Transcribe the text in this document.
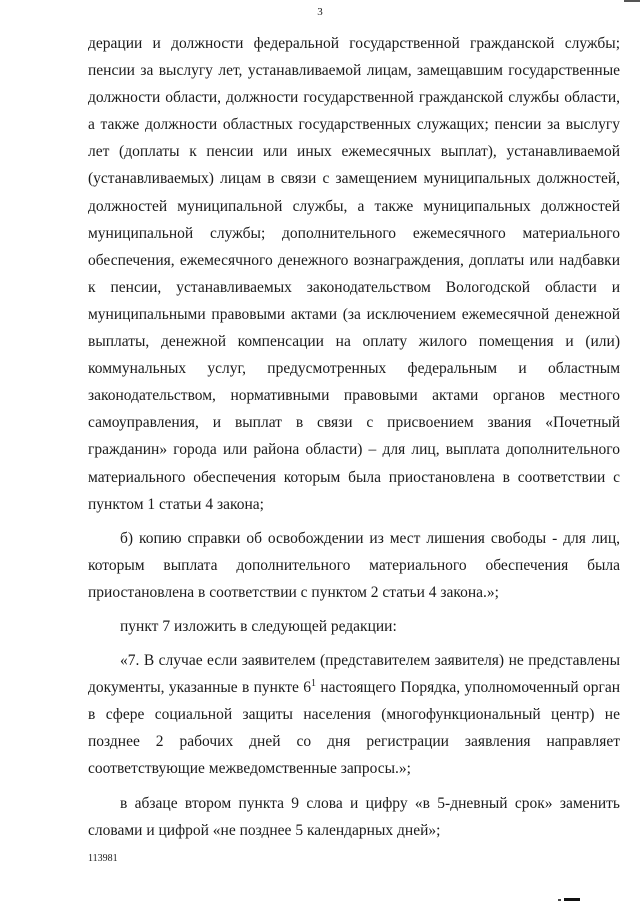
3

дерации и должности федеральной государственной гражданской службы; пенсии за выслугу лет, устанавливаемой лицам, замещавшим государственные должности области, должности государственной гражданской службы области, а также должности областных государственных служащих; пенсии за выслугу лет (доплаты к пенсии или иных ежемесячных выплат), устанавливаемой (устанавливаемых) лицам в связи с замещением муниципальных должностей, должностей муниципальной службы, а также муниципальных должностей муниципальной службы; дополнительного ежемесячного материального обеспечения, ежемесячного денежного вознаграждения, доплаты или надбавки к пенсии, устанавливаемых законодательством Вологодской области и муниципальными правовыми актами (за исключением ежемесячной денежной выплаты, денежной компенсации на оплату жилого помещения и (или) коммунальных услуг, предусмотренных федеральным и областным законодательством, нормативными правовыми актами органов местного самоуправления, и выплат в связи с присвоением звания «Почетный гражданин» города или района области) – для лиц, выплата дополнительного материального обеспечения которым была приостановлена в соответствии с пунктом 1 статьи 4 закона;

б) копию справки об освобождении из мест лишения свободы - для лиц, которым выплата дополнительного материального обеспечения была приостановлена в соответствии с пунктом 2 статьи 4 закона.»;

пункт 7 изложить в следующей редакции:

«7. В случае если заявителем (представителем заявителя) не представлены документы, указанные в пункте $6^1$ настоящего Порядка, уполномоченный орган в сфере социальной защиты населения (многофункциональный центр) не позднее 2 рабочих дней со дня регистрации заявления направляет соответствующие межведомственные запросы.»;

в абзаце втором пункта 9 слова и цифру «в 5-дневный срок» заменить словами и цифрой «не позднее 5 календарных дней»;

113981
